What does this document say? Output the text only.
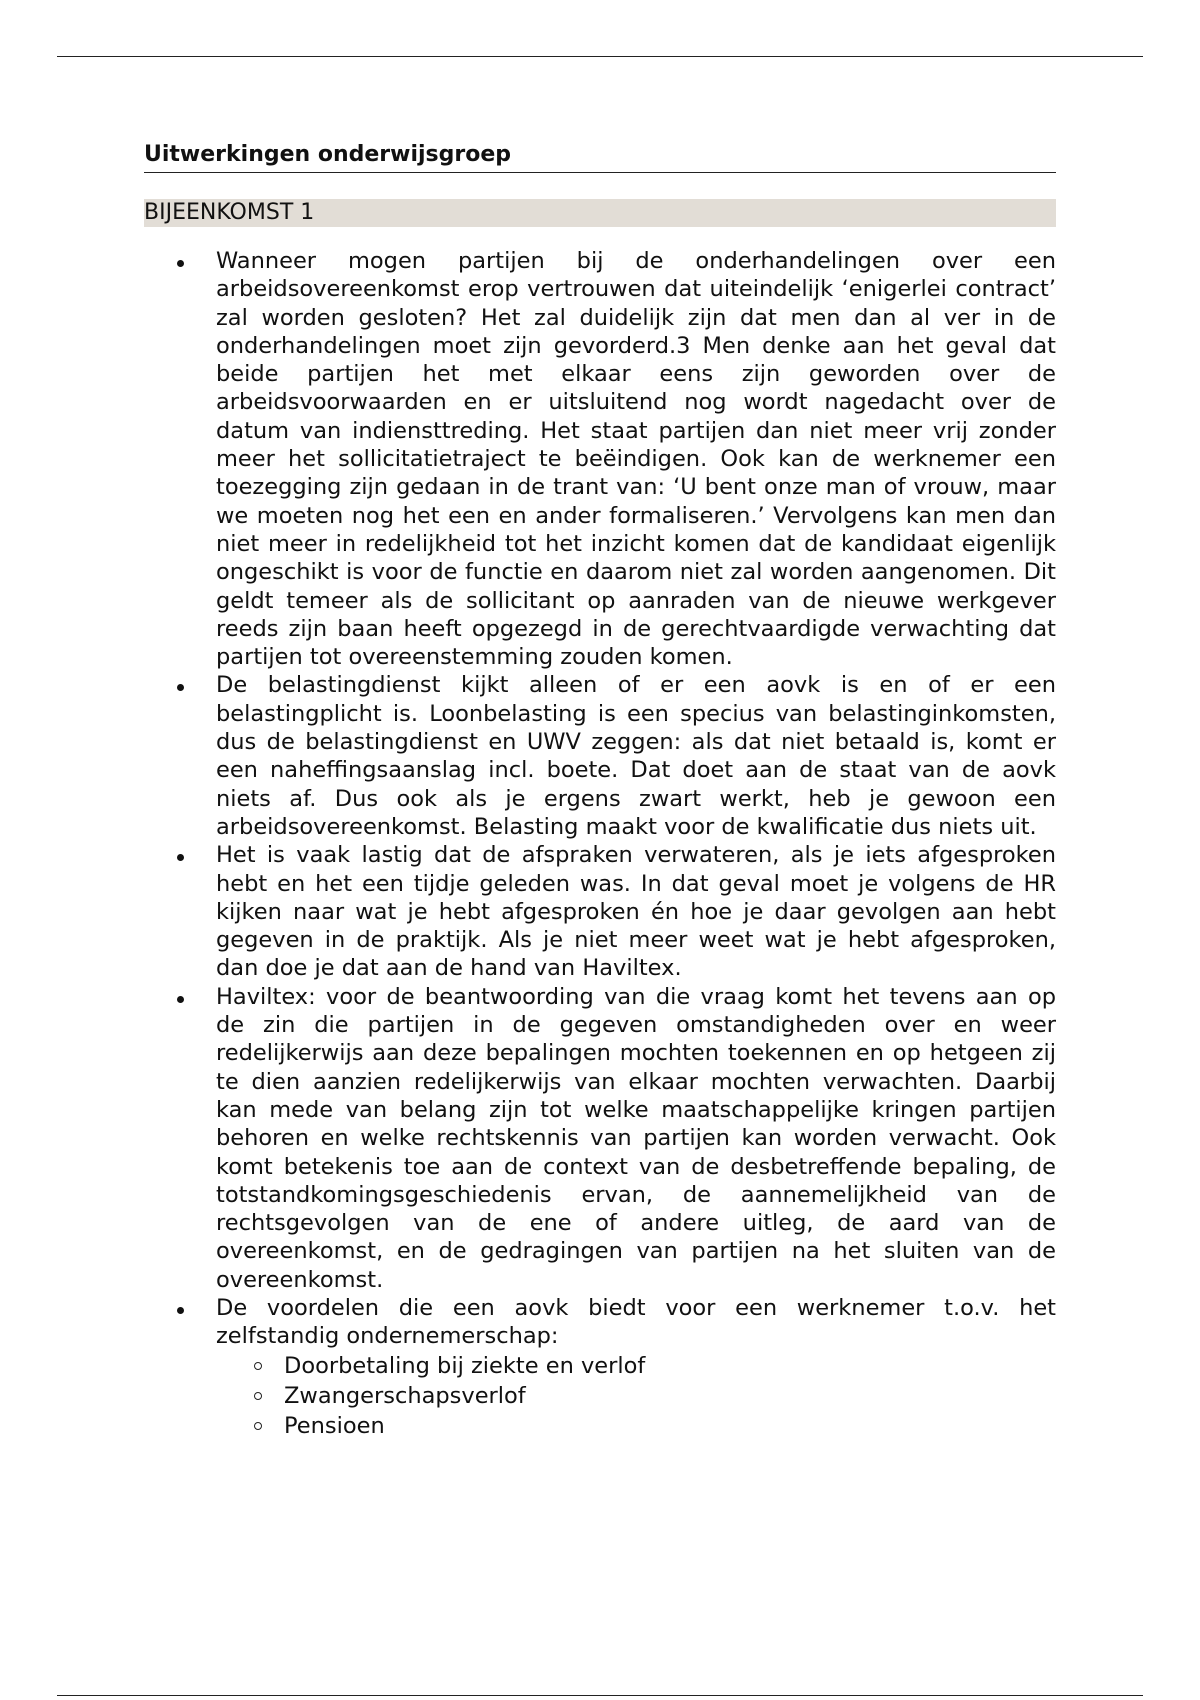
Uitwerkingen onderwijsgroep
BIJEENKOMST 1
Wanneer mogen partijen bij de onderhandelingen over een arbeidsovereenkomst erop vertrouwen dat uiteindelijk ‘enigerlei contract’ zal worden gesloten? Het zal duidelijk zijn dat men dan al ver in de onderhandelingen moet zijn gevorderd.3 Men denke aan het geval dat beide partijen het met elkaar eens zijn geworden over de arbeidsvoorwaarden en er uitsluitend nog wordt nagedacht over de datum van indiensttreding. Het staat partijen dan niet meer vrij zonder meer het sollicitatietraject te beëindigen. Ook kan de werknemer een toezegging zijn gedaan in de trant van: ‘U bent onze man of vrouw, maar we moeten nog het een en ander formaliseren.’ Vervolgens kan men dan niet meer in redelijkheid tot het inzicht komen dat de kandidaat eigenlijk ongeschikt is voor de functie en daarom niet zal worden aangenomen. Dit geldt temeer als de sollicitant op aanraden van de nieuwe werkgever reeds zijn baan heeft opgezegd in de gerechtvaardigde verwachting dat partijen tot overeenstemming zouden komen.
De belastingdienst kijkt alleen of er een aovk is en of er een belastingplicht is. Loonbelasting is een specius van belastinginkomsten, dus de belastingdienst en UWV zeggen: als dat niet betaald is, komt er een naheffingsaanslag incl. boete. Dat doet aan de staat van de aovk niets af. Dus ook als je ergens zwart werkt, heb je gewoon een arbeidsovereenkomst. Belasting maakt voor de kwalificatie dus niets uit.
Het is vaak lastig dat de afspraken verwateren, als je iets afgesproken hebt en het een tijdje geleden was. In dat geval moet je volgens de HR kijken naar wat je hebt afgesproken én hoe je daar gevolgen aan hebt gegeven in de praktijk. Als je niet meer weet wat je hebt afgesproken, dan doe je dat aan de hand van Haviltex.
Haviltex: voor de beantwoording van die vraag komt het tevens aan op de zin die partijen in de gegeven omstandigheden over en weer redelijkerwijs aan deze bepalingen mochten toekennen en op hetgeen zij te dien aanzien redelijkerwijs van elkaar mochten verwachten. Daarbij kan mede van belang zijn tot welke maatschappelijke kringen partijen behoren en welke rechtskennis van partijen kan worden verwacht. Ook komt betekenis toe aan de context van de desbetreffende bepaling, de totstandkomingsgeschiedenis ervan, de aannemelijkheid van de rechtsgevolgen van de ene of andere uitleg, de aard van de overeenkomst, en de gedragingen van partijen na het sluiten van de overeenkomst.
De voordelen die een aovk biedt voor een werknemer t.o.v. het zelfstandig ondernemerschap:
Doorbetaling bij ziekte en verlof
Zwangerschapsverlof
Pensioen
